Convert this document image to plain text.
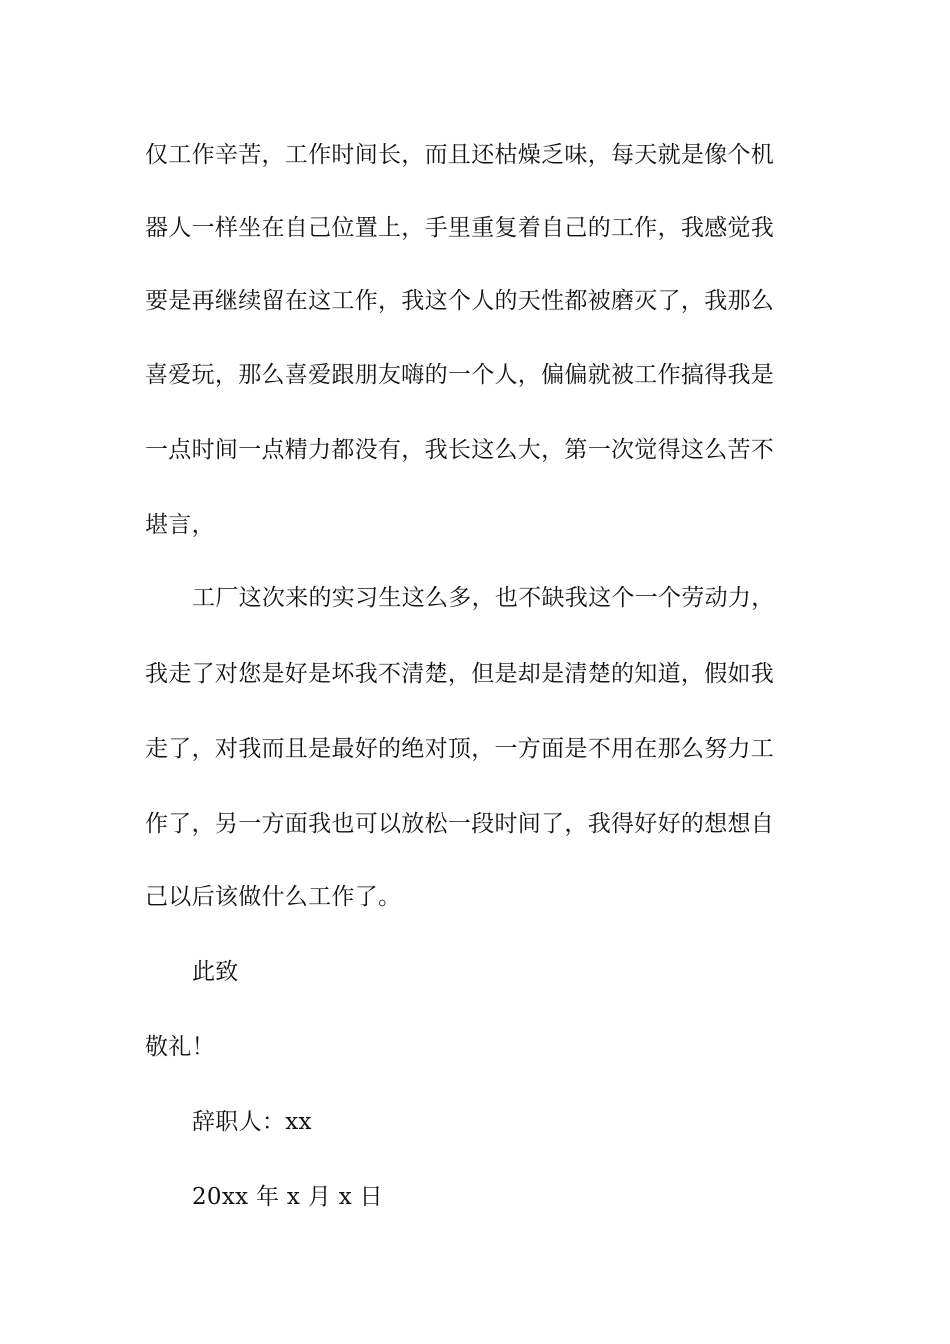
仅工作辛苦，工作时间长，而且还枯燥乏味，每天就是像个机
器人一样坐在自己位置上，手里重复着自己的工作，我感觉我
要是再继续留在这工作，我这个人的天性都被磨灭了，我那么
喜爱玩，那么喜爱跟朋友嗨的一个人，偏偏就被工作搞得我是
一点时间一点精力都没有，我长这么大，第一次觉得这么苦不
堪言，
工厂这次来的实习生这么多，也不缺我这个一个劳动力，
我走了对您是好是坏我不清楚，但是却是清楚的知道，假如我
走了，对我而且是最好的绝对顶，一方面是不用在那么努力工
作了，另一方面我也可以放松一段时间了，我得好好的想想自
己以后该做什么工作了。
此致
敬礼！
辞职人：xx
20xx 年 x 月 x 日
